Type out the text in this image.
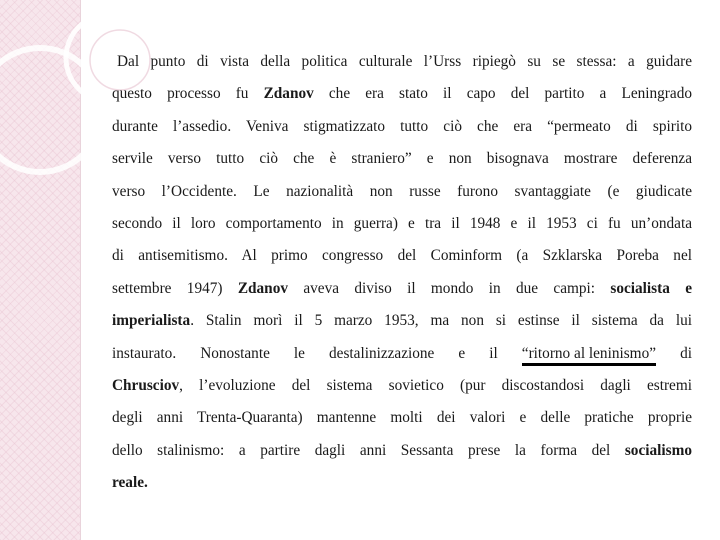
Dal punto di vista della politica culturale l’Urss ripiegò su se stessa: a guidare
questo processo fu Zdanov che era stato il capo del partito a Leningrado
durante l’assedio. Veniva stigmatizzato tutto ciò che era “permeato di spirito
servile verso tutto ciò che è straniero” e non bisognava mostrare deferenza
verso l’Occidente. Le nazionalità non russe furono svantaggiate (e giudicate
secondo il loro comportamento in guerra) e tra il 1948 e il 1953 ci fu un’ondata
di antisemitismo. Al primo congresso del Cominform (a Szklarska Poreba nel
settembre 1947) Zdanov aveva diviso il mondo in due campi: socialista e
imperialista. Stalin morì il 5 marzo 1953, ma non si estinse il sistema da lui
instaurato. Nonostante le destalinizzazione e il “ritorno al leninismo” di
Chrusciov, l’evoluzione del sistema sovietico (pur discostandosi dagli estremi
degli anni Trenta-Quaranta) mantenne molti dei valori e delle pratiche proprie
dello stalinismo: a partire dagli anni Sessanta prese la forma del socialismo
reale.
